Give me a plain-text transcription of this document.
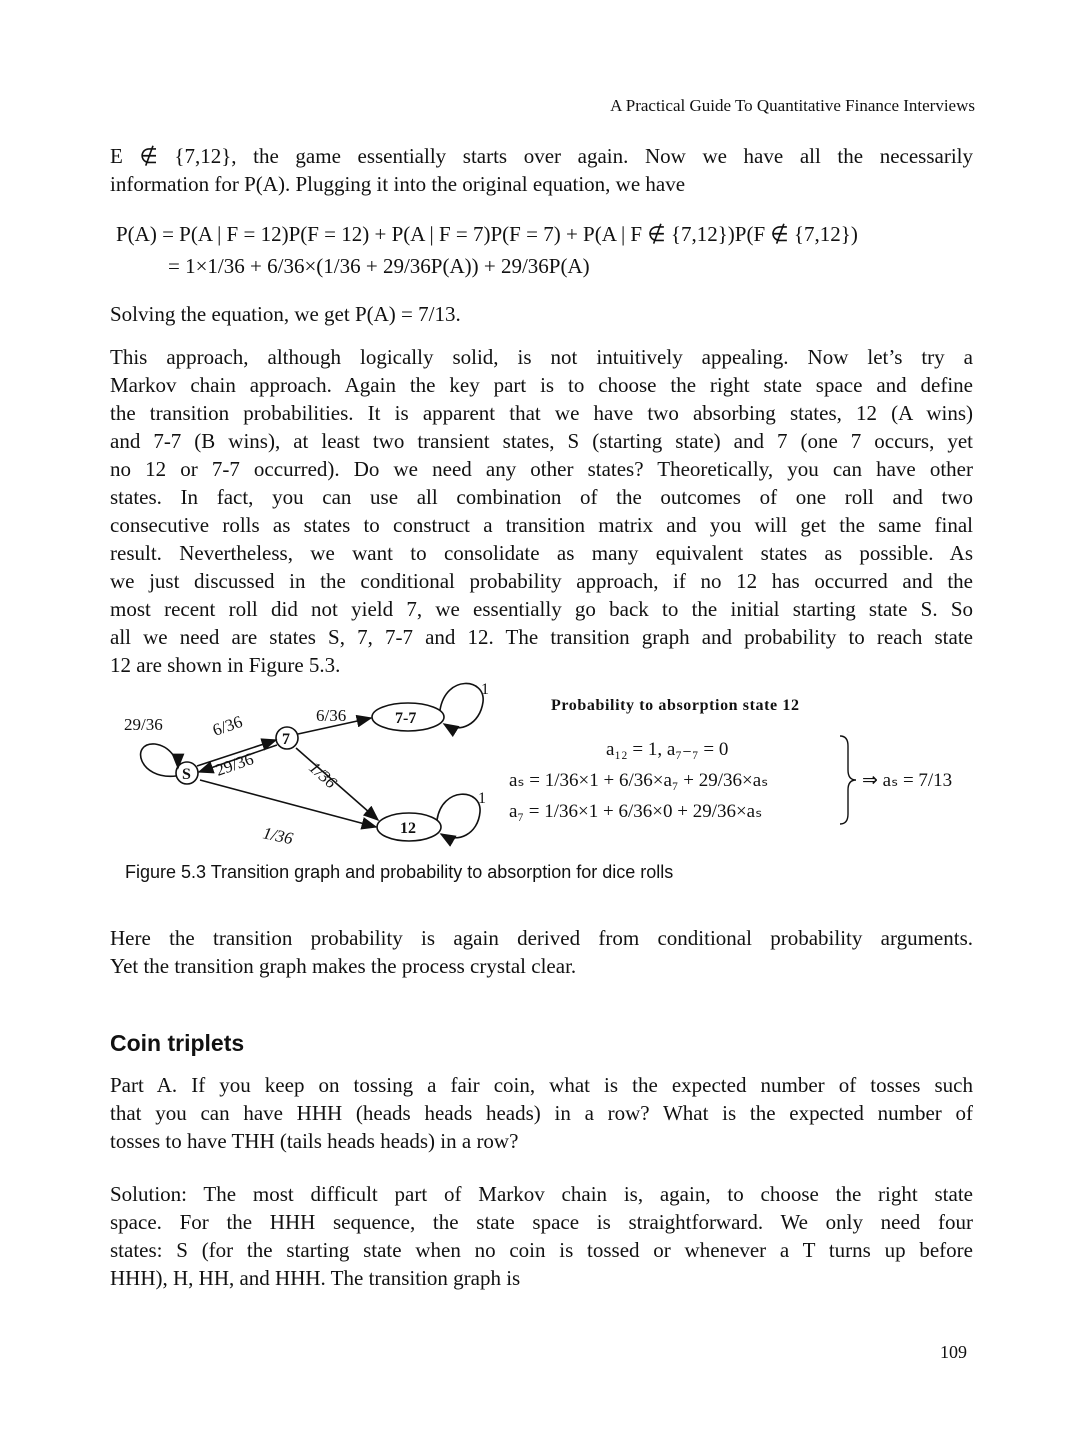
A Practical Guide To Quantitative Finance Interviews

E ∉ {7,12}, the game essentially starts over again. Now we have all the necessarily
information for P(A). Plugging it into the original equation, we have

P(A) = P(A | F = 12)P(F = 12) + P(A | F = 7)P(F = 7) + P(A | F ∉ {7,12})P(F ∉ {7,12})
= 1×1/36 + 6/36×(1/36 + 29/36P(A)) + 29/36P(A)

Solving the equation, we get P(A) = 7/13.

This approach, although logically solid, is not intuitively appealing. Now let’s try a
Markov chain approach. Again the key part is to choose the right state space and define
the transition probabilities. It is apparent that we have two absorbing states, 12 (A wins)
and 7-7 (B wins), at least two transient states, S (starting state) and 7 (one 7 occurs, yet
no 12 or 7-7 occurred). Do we need any other states? Theoretically, you can have other
states. In fact, you can use all combination of the outcomes of one roll and two
consecutive rolls as states to construct a transition matrix and you will get the same final
result. Nevertheless, we want to consolidate as many equivalent states as possible. As
we just discussed in the conditional probability approach, if no 12 has occurred and the
most recent roll did not yield 7, we essentially go back to the initial starting state S. So
all we need are states S, 7, 7-7 and 12. The transition graph and probability to reach state
12 are shown in Figure 5.3.

S
7
7-7
12
29/36	6/36
29/36
6/36
1/36
1/36
1
1
Probability to absorption state 12
a₁₂ = 1, a₇₋₇ = 0
aₛ = 1/36×1 + 6/36×a₇ + 29/36×aₛ
a₇ = 1/36×1 + 6/36×0 + 29/36×aₛ
⇒ aₛ = 7/13
Figure 5.3 Transition graph and probability to absorption for dice rolls

Here the transition probability is again derived from conditional probability arguments.
Yet the transition graph makes the process crystal clear.

Coin triplets

Part A. If you keep on tossing a fair coin, what is the expected number of tosses such
that you can have HHH (heads heads heads) in a row? What is the expected number of
tosses to have THH (tails heads heads) in a row?

Solution: The most difficult part of Markov chain is, again, to choose the right state
space. For the HHH sequence, the state space is straightforward. We only need four
states: S (for the starting state when no coin is tossed or whenever a T turns up before
HHH), H, HH, and HHH. The transition graph is

109
